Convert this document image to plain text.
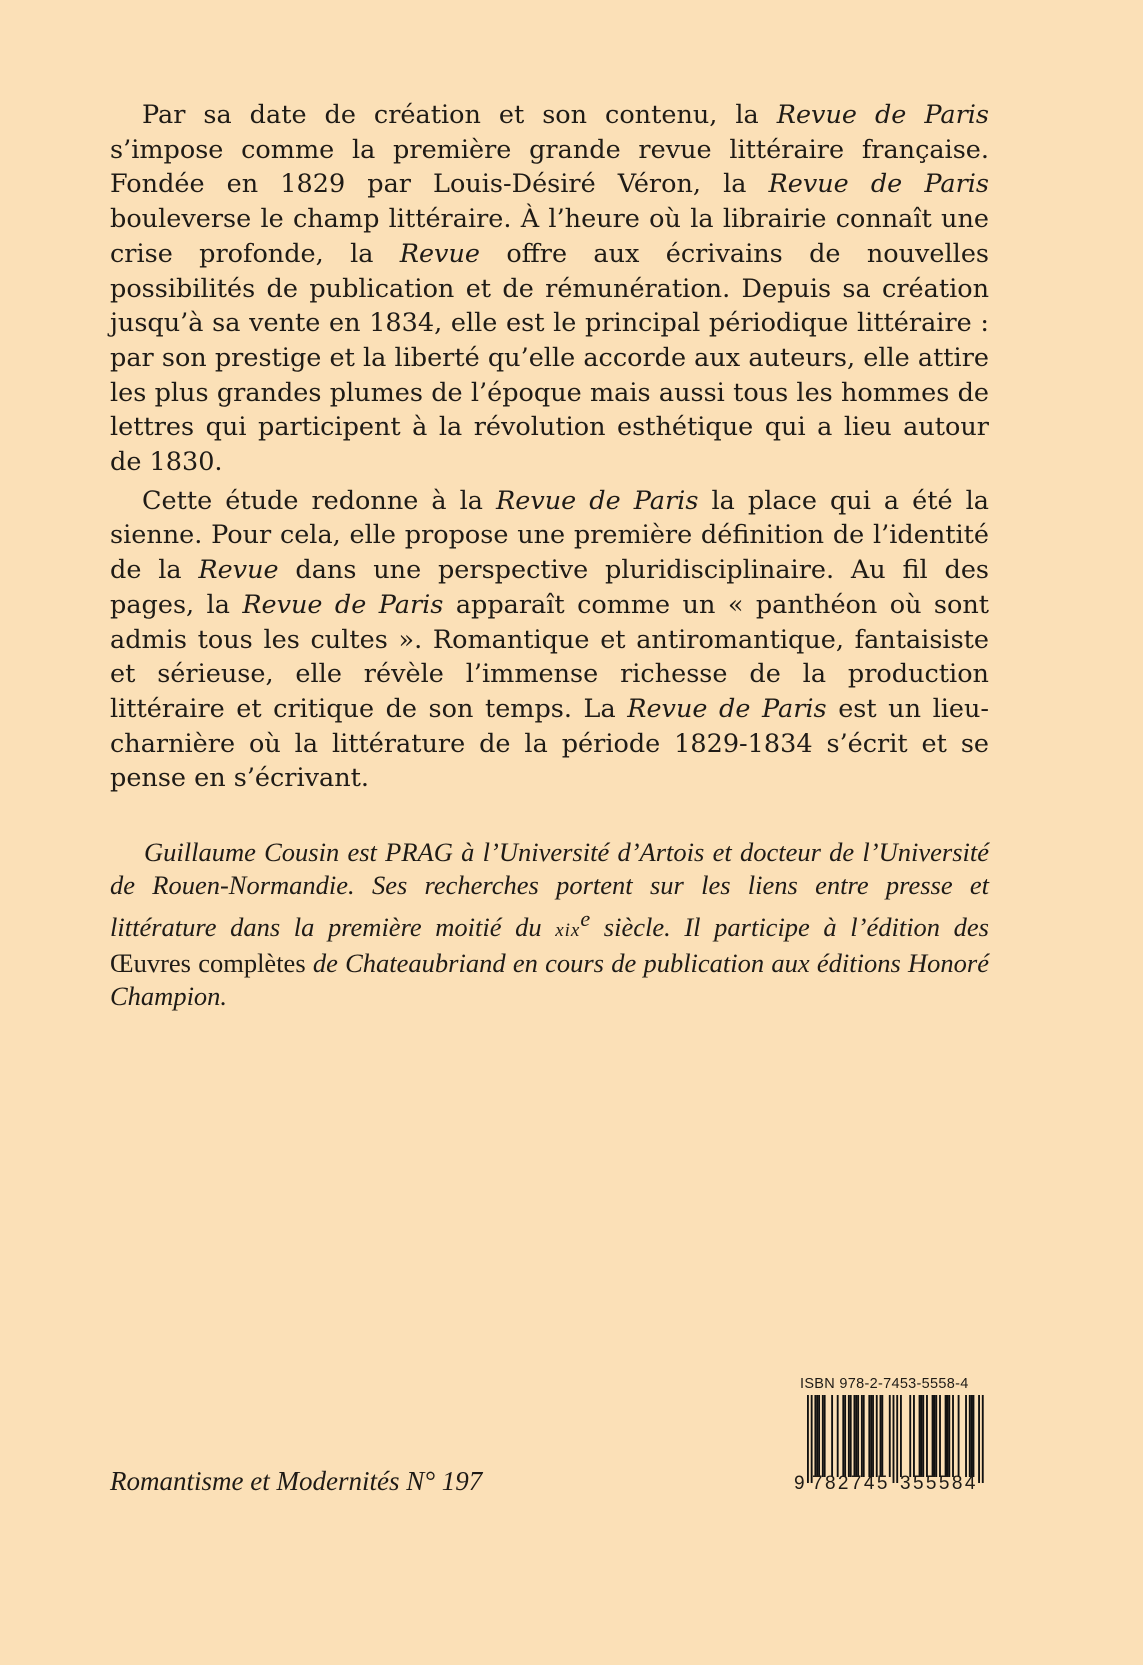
Par sa date de création et son contenu, la Revue de Paris s’impose comme la première grande revue littéraire française. Fondée en 1829 par Louis-Désiré Véron, la Revue de Paris bouleverse le champ littéraire. À l’heure où la librairie connaît une crise profonde, la Revue offre aux écrivains de nouvelles possibilités de publication et de rémunération. Depuis sa création jusqu’à sa vente en 1834, elle est le principal périodique littéraire : par son prestige et la liberté qu’elle accorde aux auteurs, elle attire les plus grandes plumes de l’époque mais aussi tous les hommes de lettres qui participent à la révolution esthétique qui a lieu autour de 1830.

Cette étude redonne à la Revue de Paris la place qui a été la sienne. Pour cela, elle propose une première définition de l’identité de la Revue dans une perspective pluridisciplinaire. Au fil des pages, la Revue de Paris apparaît comme un « panthéon où sont admis tous les cultes ». Romantique et antiromantique, fantaisiste et sérieuse, elle révèle l’immense richesse de la production littéraire et critique de son temps. La Revue de Paris est un lieu-charnière où la littérature de la période 1829-1834 s’écrit et se pense en s’écrivant.

Guillaume Cousin est PRAG à l’Université d’Artois et docteur de l’Université de Rouen-Normandie. Ses recherches portent sur les liens entre presse et littérature dans la première moitié du xix$^e$ siècle. Il participe à l’édition des Œuvres complètes de Chateaubriand en cours de publication aux éditions Honoré Champion.

Romantisme et Modernités N° 197
ISBN 978-2-7453-5558-4
9 782745 355584
